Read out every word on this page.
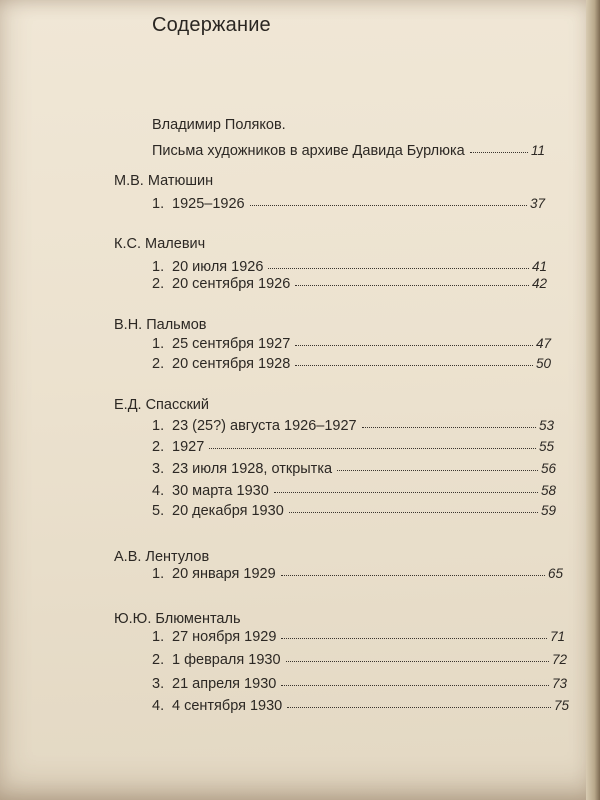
Содержание
Владимир Поляков.
Письма художников в архиве Давида Бурлюка	11
М.В. Матюшин
1. 1925–1926	37
К.С. Малевич
1. 20 июля 1926	41
2. 20 сентября 1926	42
В.Н. Пальмов
1. 25 сентября 1927	47
2. 20 сентября 1928	50
Е.Д. Спасский
1. 23 (25?) августа 1926–1927	53
2. 1927	55
3. 23 июля 1928, открытка	56
4. 30 марта 1930	58
5. 20 декабря 1930	59
А.В. Лентулов
1. 20 января 1929	65
Ю.Ю. Блюменталь
1. 27 ноября 1929	71
2. 1 февраля 1930	72
3. 21 апреля 1930	73
4. 4 сентября 1930	75
